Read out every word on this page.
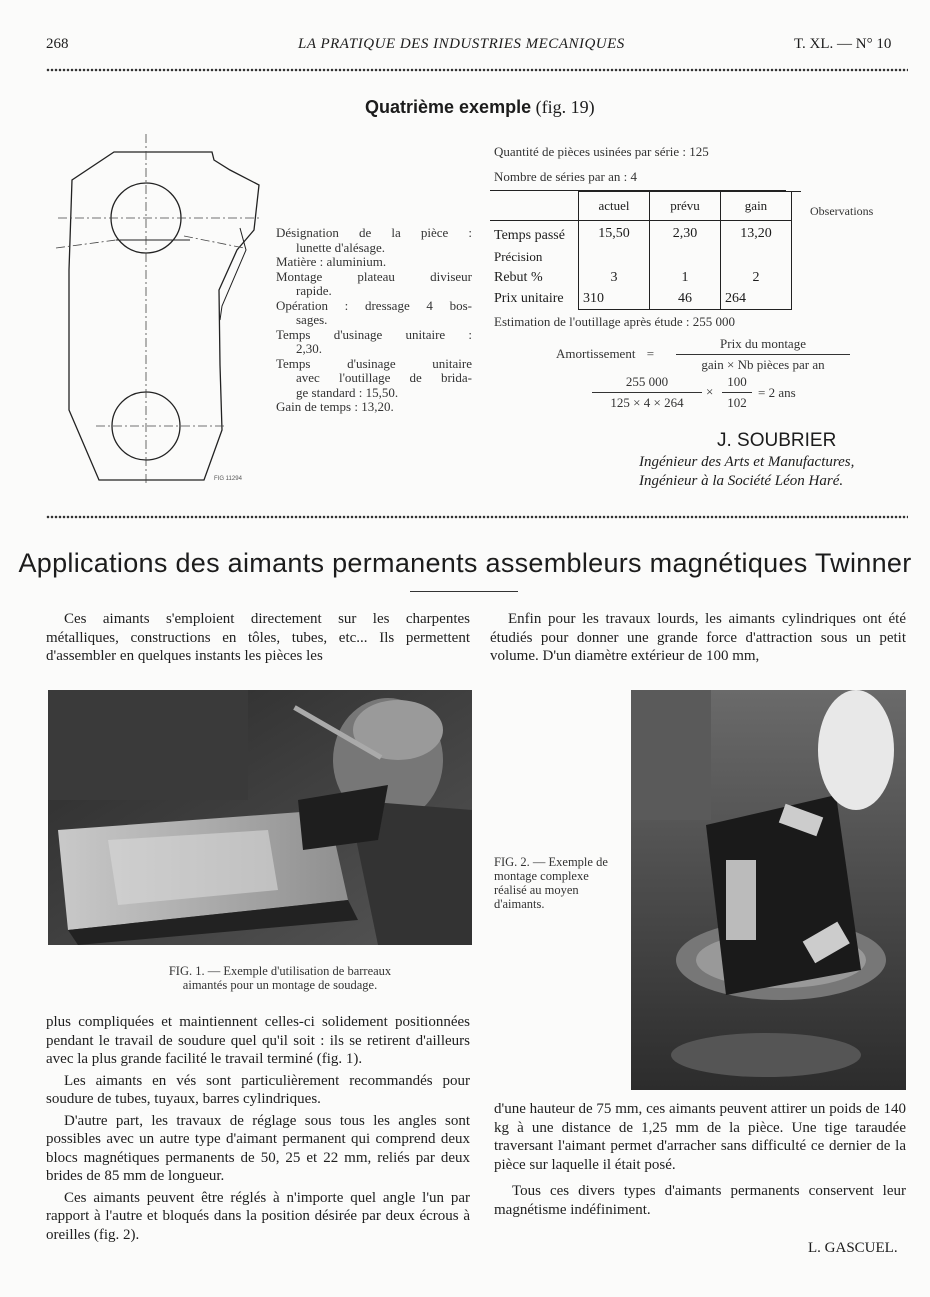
268	LA PRATIQUE DES INDUSTRIES MECANIQUES	T. XL. — N° 10
Quatrième exemple (fig. 19)
FIG 11294

Désignation de la pièce :

lunette d'alésage.

Matière : aluminium.

Montage plateau diviseur

rapide.

Opération : dressage 4 bos-

sages.

Temps d'usinage unitaire :

2,30.

Temps d'usinage unitaire

avec l'outillage de brida-

ge standard : 15,50.

Gain de temps : 13,20.

Quantité de pièces usinées par série : 125
Nombre de séries par an : 4
	actuel	prévu	gain	
Temps passé	15,50	2,30	13,20	
Précision				
Rebut %	3	1	2	
Prix unitaire	310	46	264	
Observations
Estimation de l'outillage après étude : 255 000
Amortissement =
Prix du montage
gain × Nb pièces par an
255 000
125 × 4 × 264
×
100
102
= 2 ans
J. SOUBRIER
Ingénieur des Arts et Manufactures,
Ingénieur à la Société Léon Haré.
Applications des aimants permanents assembleurs magnétiques Twinner

Ces aimants s'emploient directement sur les charpentes métalliques, constructions en tôles, tubes, etc... Ils permettent d'assembler en quelques instants les pièces les

Enfin pour les travaux lourds, les aimants cylindriques ont été étudiés pour donner une grande force d'attraction sous un petit volume. D'un diamètre extérieur de 100 mm,

FIG. 1. — Exemple d'utilisation de barreaux aimantés pour un montage de soudage.
FIG. 2. — Exemple de montage complexe réalisé au moyen d'aimants.

plus compliquées et maintiennent celles-ci solidement positionnées pendant le travail de soudure quel qu'il soit : ils se retirent d'ailleurs avec la plus grande facilité le travail terminé (fig. 1).

Les aimants en vés sont particulièrement recommandés pour soudure de tubes, tuyaux, barres cylindriques.

D'autre part, les travaux de réglage sous tous les angles sont possibles avec un autre type d'aimant permanent qui comprend deux blocs magnétiques permanents de 50, 25 et 22 mm, reliés par deux brides de 85 mm de longueur.

Ces aimants peuvent être réglés à n'importe quel angle l'un par rapport à l'autre et bloqués dans la position désirée par deux écrous à oreilles (fig. 2).

d'une hauteur de 75 mm, ces aimants peuvent attirer un poids de 140 kg à une distance de 1,25 mm de la pièce. Une tige taraudée traversant l'aimant permet d'arracher sans difficulté ce dernier de la pièce sur laquelle il était posé.

Tous ces divers types d'aimants permanents conservent leur magnétisme indéfiniment.

L. GASCUEL.
